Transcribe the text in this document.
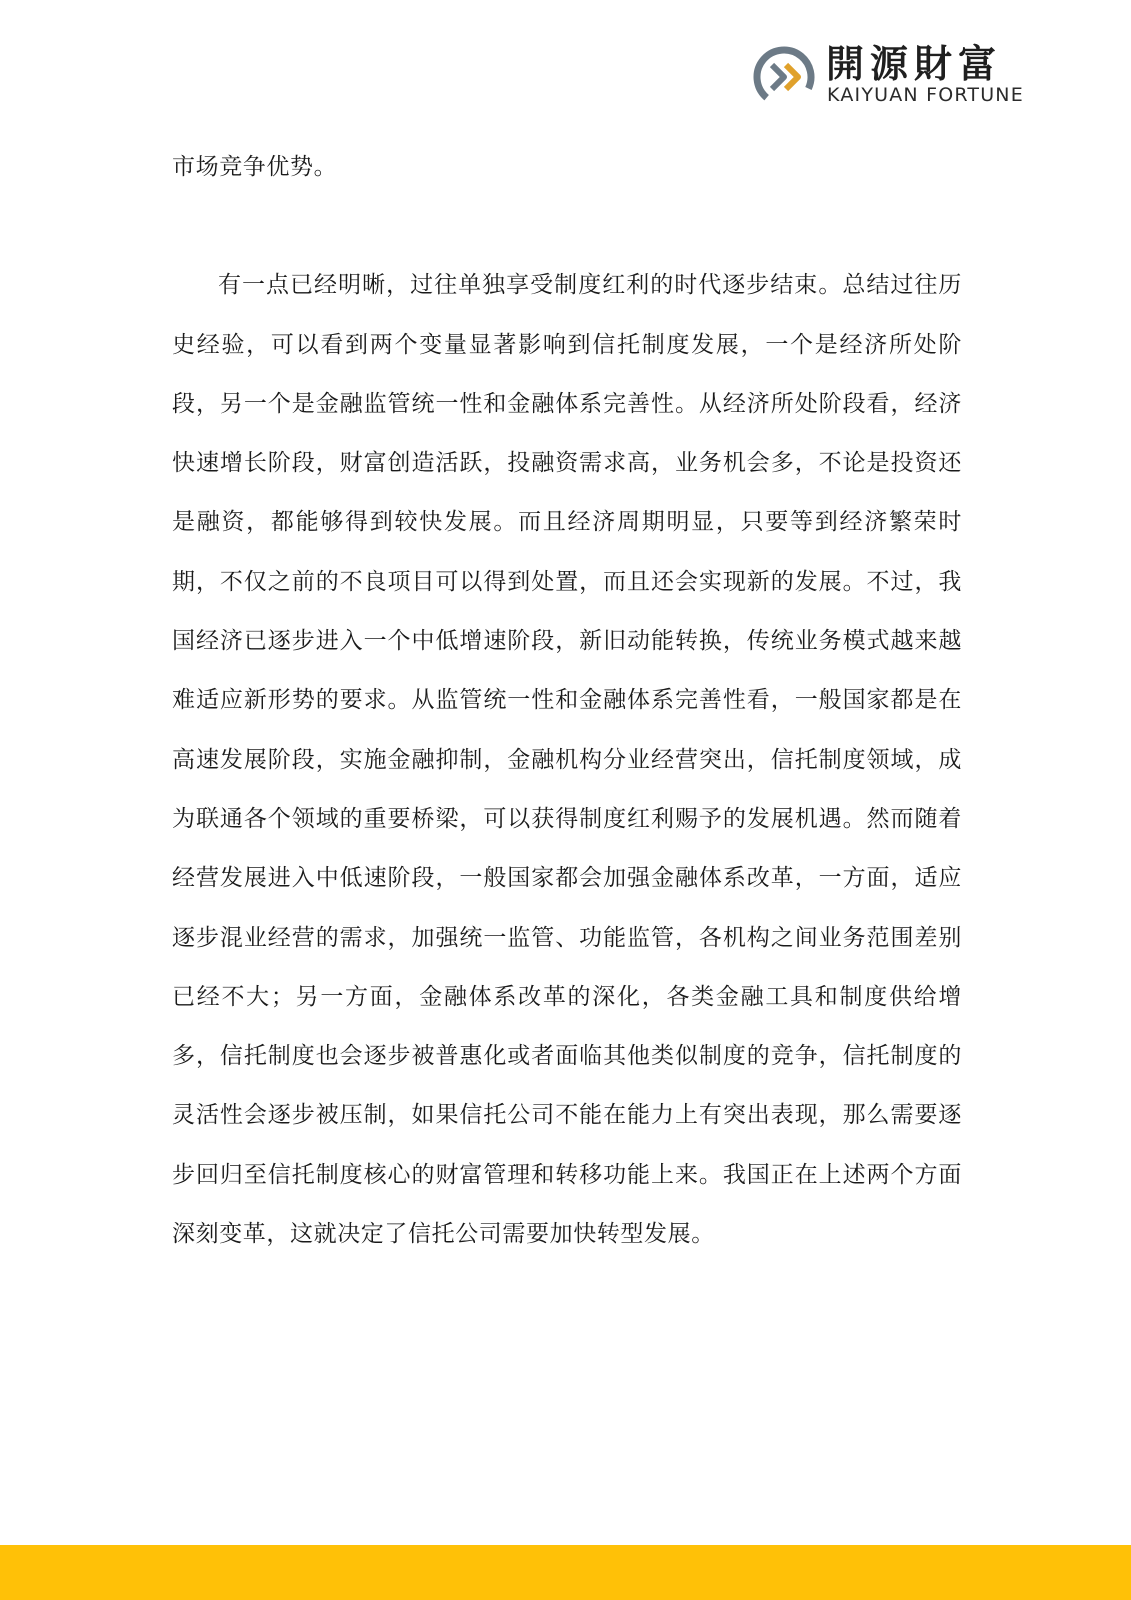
開源財富
KAIYUAN FORTUNE

市场竞争优势。

有一点已经明晰，过往单独享受制度红利的时代逐步结束。总结过往历史经验，可以看到两个变量显著影响到信托制度发展，一个是经济所处阶段，另一个是金融监管统一性和金融体系完善性。从经济所处阶段看，经济快速增长阶段，财富创造活跃，投融资需求高，业务机会多，不论是投资还是融资，都能够得到较快发展。而且经济周期明显，只要等到经济繁荣时期，不仅之前的不良项目可以得到处置，而且还会实现新的发展。不过，我国经济已逐步进入一个中低增速阶段，新旧动能转换，传统业务模式越来越难适应新形势的要求。从监管统一性和金融体系完善性看，一般国家都是在高速发展阶段，实施金融抑制，金融机构分业经营突出，信托制度领域，成为联通各个领域的重要桥梁，可以获得制度红利赐予的发展机遇。然而随着经营发展进入中低速阶段，一般国家都会加强金融体系改革，一方面，适应逐步混业经营的需求，加强统一监管、功能监管，各机构之间业务范围差别已经不大；另一方面，金融体系改革的深化，各类金融工具和制度供给增多，信托制度也会逐步被普惠化或者面临其他类似制度的竞争，信托制度的灵活性会逐步被压制，如果信托公司不能在能力上有突出表现，那么需要逐步回归至信托制度核心的财富管理和转移功能上来。我国正在上述两个方面深刻变革，这就决定了信托公司需要加快转型发展。
